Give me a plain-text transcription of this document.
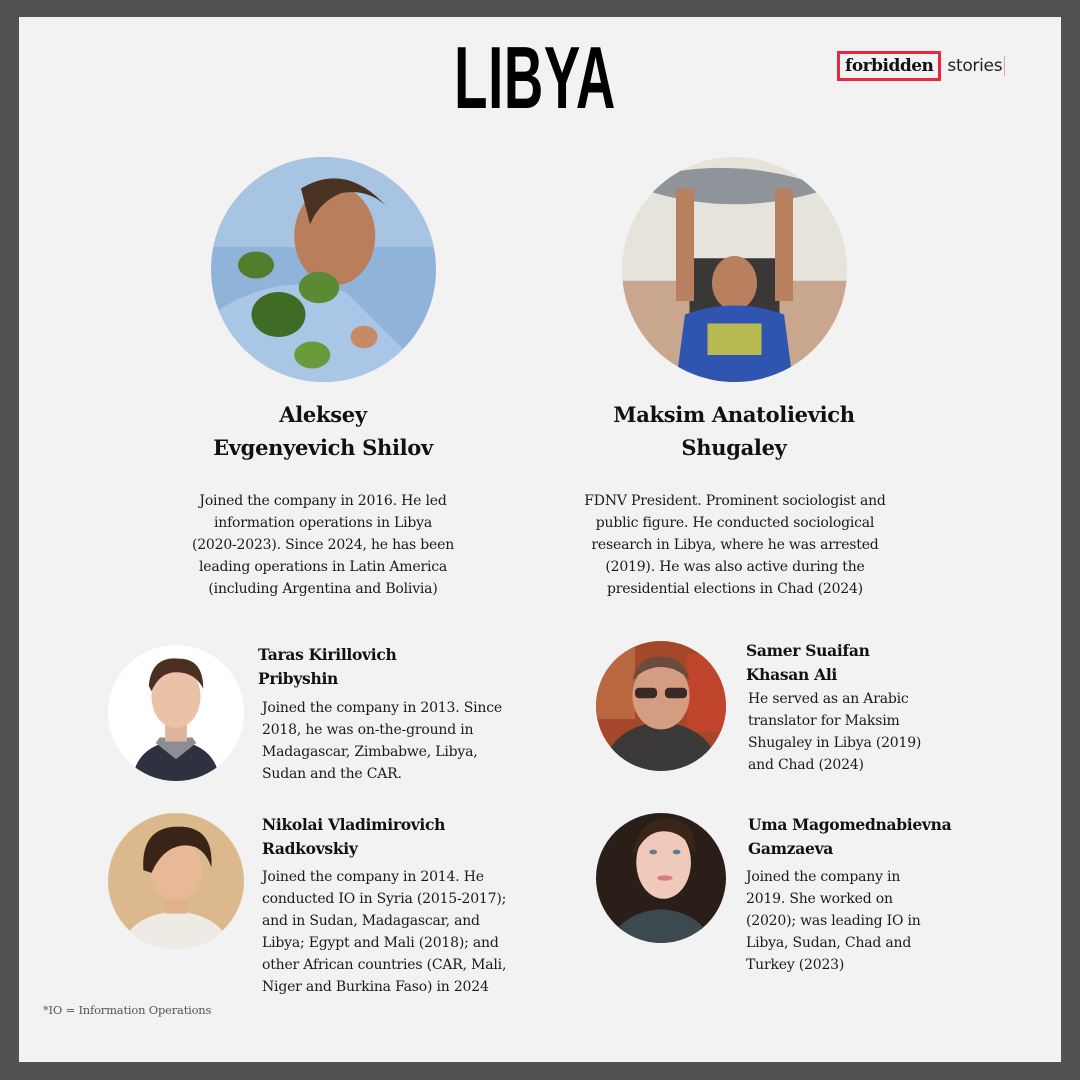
LIBYA	forbidden stories
Aleksey
Evgenyevich Shilov
Joined the company in 2016. He led
information operations in Libya
(2020-2023). Since 2024, he has been
leading operations in Latin America
(including Argentina and Bolivia)
Maksim Anatolievich
Shugaley
FDNV President. Prominent sociologist and
public figure. He conducted sociological
research in Libya, where he was arrested
(2019). He was also active during the
presidential elections in Chad (2024)
Taras Kirillovich
Pribyshin
Joined the company in 2013. Since
2018, he was on-the-ground in
Madagascar, Zimbabwe, Libya,
Sudan and the CAR.
Samer Suaifan
Khasan Ali
He served as an Arabic
translator for Maksim
Shugaley in Libya (2019)
and Chad (2024)
Nikolai Vladimirovich
Radkovskiy
Joined the company in 2014. He
conducted IO in Syria (2015-2017);
and in Sudan, Madagascar, and
Libya; Egypt and Mali (2018); and
other African countries (CAR, Mali,
Niger and Burkina Faso) in 2024
Uma Magomednabievna
Gamzaeva
Joined the company in
2019. She worked on
(2020); was leading IO in
Libya, Sudan, Chad and
Turkey (2023)
*IO = Information Operations
